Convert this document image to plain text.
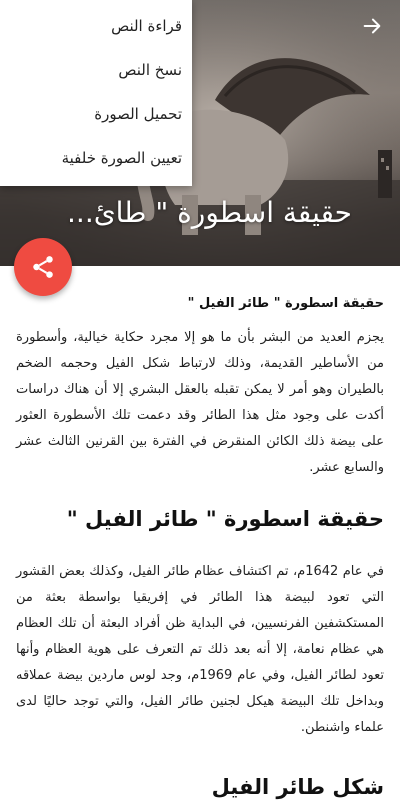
حقيقة اسطورة " طائ...
قراءة النص
نسخ النص
تحميل الصورة
تعيين الصورة خلفية
حقيقة اسطورة " طائر الفيل "

يجزم العديد من البشر بأن ما هو إلا مجرد حكاية خيالية، وأسطورة من الأساطير القديمة، وذلك لارتباط شكل الفيل وحجمه الضخم بالطيران وهو أمر لا يمكن تقبله بالعقل البشري إلا أن هناك دراسات أكدت على وجود مثل هذا الطائر وقد دعمت تلك الأسطورة العثور على بيضة ذلك الكائن المنقرض في الفترة بين القرنين الثالث عشر والسابع عشر.

حقيقة اسطورة " طائر الفيل "

في عام 1642م، تم اكتشاف عظام طائر الفيل، وكذلك بعض القشور التي تعود لبيضة هذا الطائر في إفريقيا بواسطة بعثة من المستكشفين الفرنسيين، في البداية ظن أفراد البعثة أن تلك العظام هي عظام نعامة، إلا أنه بعد ذلك تم التعرف على هوية العظام وأنها تعود لطائر الفيل، وفي عام 1969م، وجد لوس ماردين بيضة عملاقه وبداخل تلك البيضة هيكل لجنين طائر الفيل، والتي توجد حاليًا لدى علماء واشنطن.

شكل طائر الفيل
